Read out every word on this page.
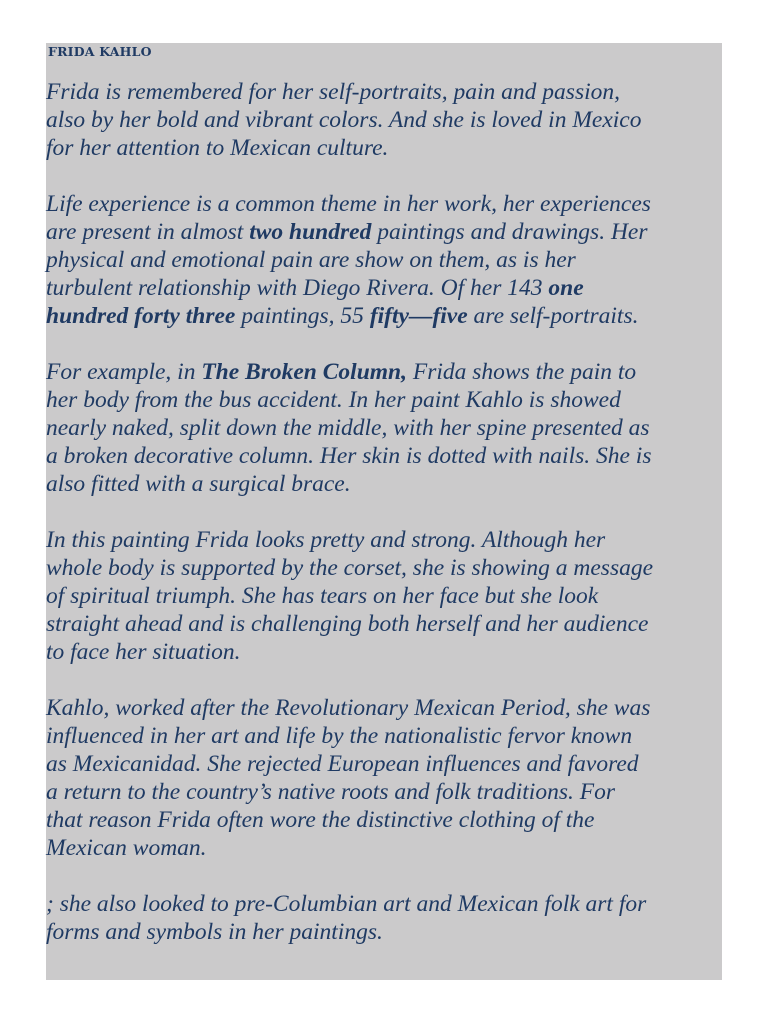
FRIDA KAHLO

Frida is remembered for her self-portraits, pain and passion,
also by her bold and vibrant colors. And she is loved in Mexico
for her attention to Mexican culture.

Life experience is a common theme in her work, her experiences
are present in almost two hundred paintings and drawings. Her
physical and emotional pain are show on them, as is her
turbulent relationship with Diego Rivera. Of her 143 one
hundred forty three paintings, 55 fifty—five are self-portraits.

For example, in The Broken Column, Frida shows the pain to
her body from the bus accident. In her paint Kahlo is showed
nearly naked, split down the middle, with her spine presented as
a broken decorative column. Her skin is dotted with nails. She is
also fitted with a surgical brace.

In this painting Frida looks pretty and strong. Although her
whole body is supported by the corset, she is showing a message
of spiritual triumph. She has tears on her face but she look
straight ahead and is challenging both herself and her audience
to face her situation.

Kahlo, worked after the Revolutionary Mexican Period, she was
influenced in her art and life by the nationalistic fervor known
as Mexicanidad. She rejected European influences and favored
a return to the country’s native roots and folk traditions. For
that reason Frida often wore the distinctive clothing of the
Mexican woman.

; she also looked to pre-Columbian art and Mexican folk art for
forms and symbols in her paintings.
